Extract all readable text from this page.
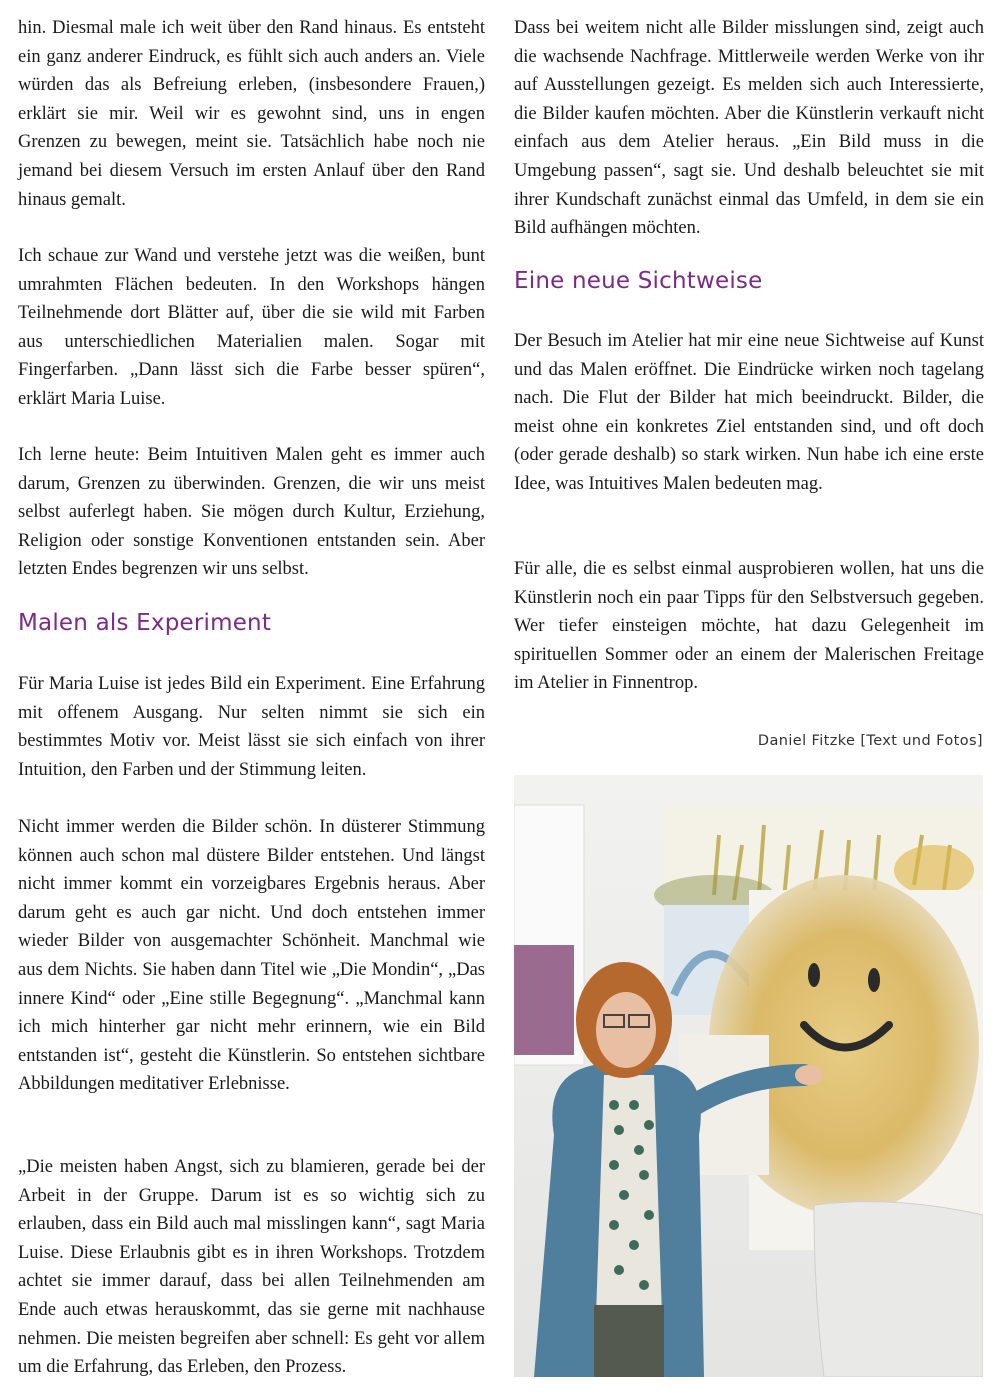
hin. Diesmal male ich weit über den Rand hinaus. Es entsteht ein ganz anderer Eindruck, es fühlt sich auch anders an. Viele würden das als Befreiung erleben, (insbesondere Frauen,) erklärt sie mir. Weil wir es gewohnt sind, uns in engen Grenzen zu bewegen, meint sie. Tatsächlich habe noch nie jemand bei diesem Versuch im ersten Anlauf über den Rand hinaus gemalt.

Ich schaue zur Wand und verstehe jetzt was die weißen, bunt umrahmten Flächen bedeuten. In den Workshops hängen Teilnehmende dort Blätter auf, über die sie wild mit Farben aus unterschiedlichen Materialien malen. Sogar mit Fingerfarben. „Dann lässt sich die Farbe besser spüren“, erklärt Maria Luise.

Ich lerne heute: Beim Intuitiven Malen geht es immer auch darum, Grenzen zu überwinden. Grenzen, die wir uns meist selbst auferlegt haben. Sie mögen durch Kultur, Erziehung, Religion oder sonstige Konventionen entstanden sein. Aber letzten Endes begrenzen wir uns selbst.

Malen als Experiment

Für Maria Luise ist jedes Bild ein Experiment. Eine Erfahrung mit offenem Ausgang. Nur selten nimmt sie sich ein bestimmtes Motiv vor. Meist lässt sie sich einfach von ihrer Intuition, den Farben und der Stimmung leiten.

Nicht immer werden die Bilder schön. In düsterer Stimmung können auch schon mal düstere Bilder entstehen. Und längst nicht immer kommt ein vorzeigbares Ergebnis heraus. Aber darum geht es auch gar nicht. Und doch entstehen immer wieder Bilder von ausgemachter Schönheit. Manchmal wie aus dem Nichts. Sie haben dann Titel wie „Die Mondin“, „Das innere Kind“ oder „Eine stille Begegnung“. „Manchmal kann ich mich hinterher gar nicht mehr erinnern, wie ein Bild entstanden ist“, gesteht die Künstlerin. So entstehen sichtbare Abbildungen meditativer Erlebnisse.

„Die meisten haben Angst, sich zu blamieren, gerade bei der Arbeit in der Gruppe. Darum ist es so wichtig sich zu erlauben, dass ein Bild auch mal misslingen kann“, sagt Maria Luise. Diese Erlaubnis gibt es in ihren Workshops. Trotzdem achtet sie immer darauf, dass bei allen Teilnehmenden am Ende auch etwas herauskommt, das sie gerne mit nachhause nehmen. Die meisten begreifen aber schnell: Es geht vor allem um die Erfahrung, das Erleben, den Prozess.

Dass bei weitem nicht alle Bilder misslungen sind, zeigt auch die wachsende Nachfrage. Mittlerweile werden Werke von ihr auf Ausstellungen gezeigt. Es melden sich auch Interessierte, die Bilder kaufen möchten. Aber die Künstlerin verkauft nicht einfach aus dem Atelier heraus. „Ein Bild muss in die Umgebung passen“, sagt sie. Und deshalb beleuchtet sie mit ihrer Kundschaft zunächst einmal das Umfeld, in dem sie ein Bild aufhängen möchten.

Eine neue Sichtweise

Der Besuch im Atelier hat mir eine neue Sichtweise auf Kunst und das Malen eröffnet. Die Eindrücke wirken noch tagelang nach. Die Flut der Bilder hat mich beeindruckt. Bilder, die meist ohne ein konkretes Ziel entstanden sind, und oft doch (oder gerade deshalb) so stark wirken. Nun habe ich eine erste Idee, was Intuitives Malen bedeuten mag.

Für alle, die es selbst einmal ausprobieren wollen, hat uns die Künstlerin noch ein paar Tipps für den Selbstversuch gegeben. Wer tiefer einsteigen möchte, hat dazu Gelegenheit im spirituellen Sommer oder an einem der Malerischen Freitage im Atelier in Finnentrop.

Daniel Fitzke [Text und Fotos]
